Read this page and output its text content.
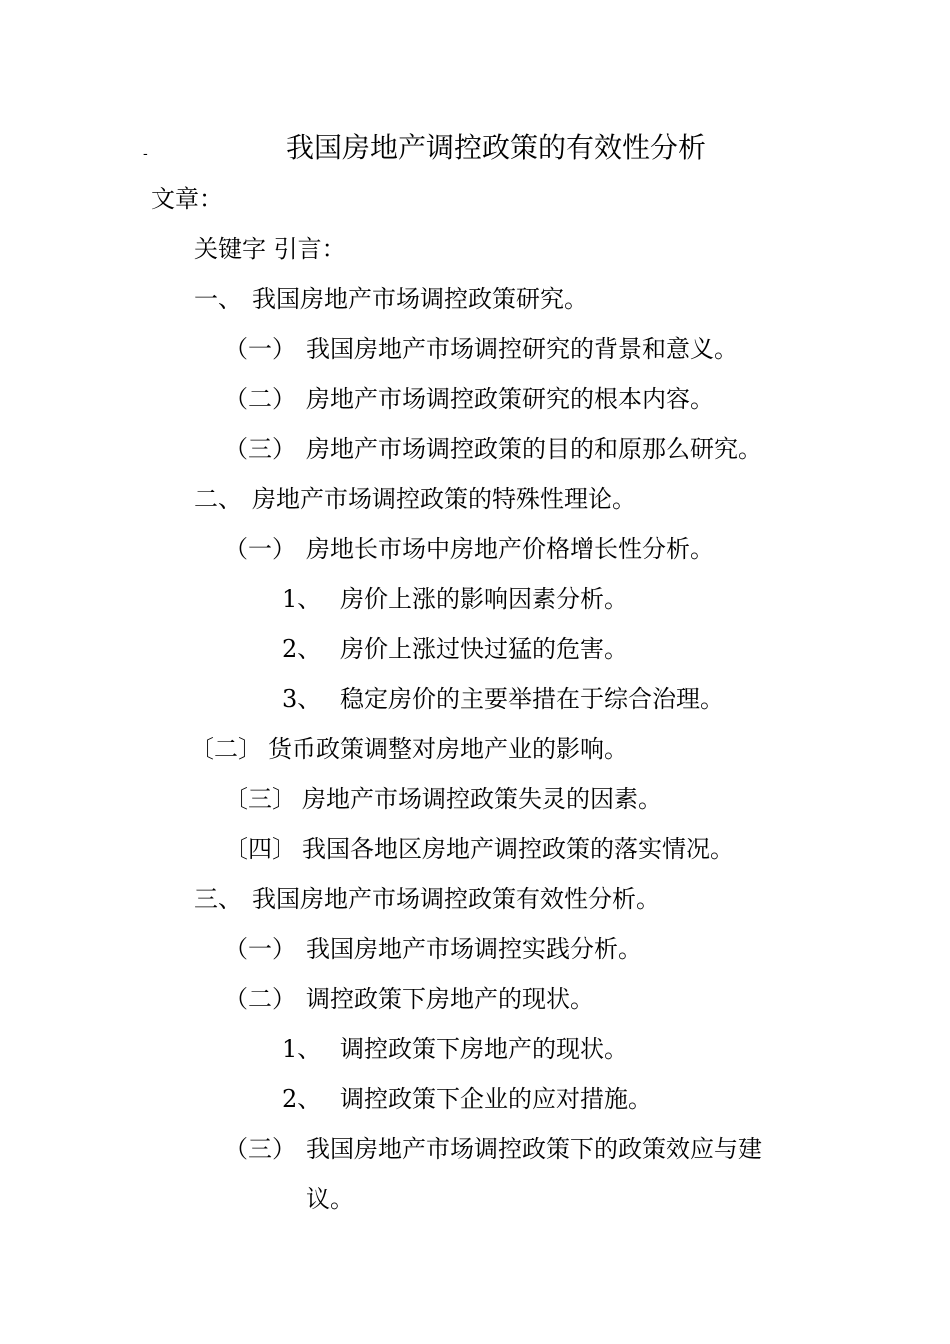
-	我国房地产调控政策的有效性分析
文章：
关键字 引言：
一、 我国房地产市场调控政策研究。
（一） 我国房地产市场调控研究的背景和意义。
（二） 房地产市场调控政策研究的根本内容。
（三） 房地产市场调控政策的目的和原那么研究。
二、 房地产市场调控政策的特殊性理论。
（一） 房地长市场中房地产价格增长性分析。
1、 房价上涨的影响因素分析。
2、 房价上涨过快过猛的危害。
3、 稳定房价的主要举措在于综合治理。
〔二〕 货币政策调整对房地产业的影响。
〔三〕 房地产市场调控政策失灵的因素。
〔四〕 我国各地区房地产调控政策的落实情况。
三、 我国房地产市场调控政策有效性分析。
（一） 我国房地产市场调控实践分析。
（二） 调控政策下房地产的现状。
1、 调控政策下房地产的现状。
2、 调控政策下企业的应对措施。
（三） 我国房地产市场调控政策下的政策效应与建
议。
